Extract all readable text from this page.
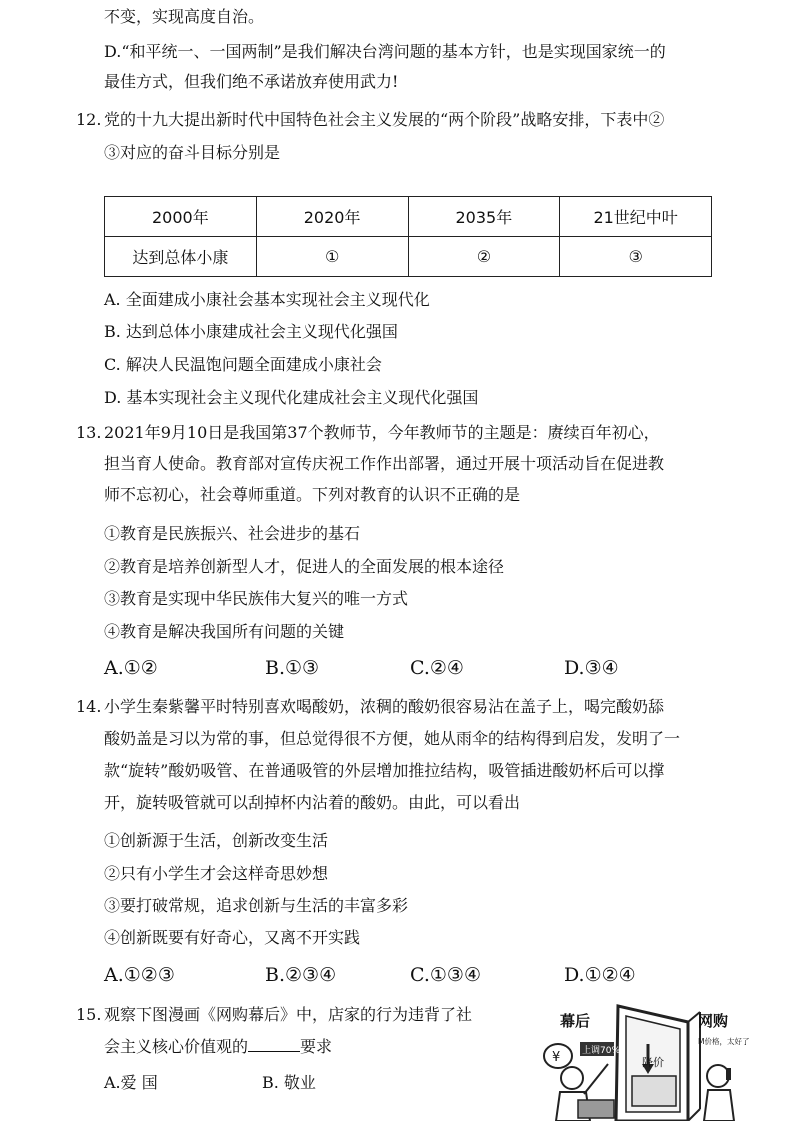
不变，实现高度自治。
D.“和平统一、一国两制”是我们解决台湾问题的基本方针，也是实现国家统一的
最佳方式，但我们绝不承诺放弃使用武力!
12. 党的十九大提出新时代中国特色社会主义发展的“两个阶段”战略安排，下表中②
③对应的奋斗目标分别是
2000年	2020年	2035年	21世纪中叶
达到总体小康	①	②	③
A. 全面建成小康社会基本实现社会主义现代化
B. 达到总体小康建成社会主义现代化强国
C. 解决人民温饱问题全面建成小康社会
D. 基本实现社会主义现代化建成社会主义现代化强国
13. 2021年9月10日是我国第37个教师节，今年教师节的主题是：赓续百年初心，
担当育人使命。教育部对宣传庆祝工作作出部署，通过开展十项活动旨在促进教
师不忘初心，社会尊师重道。下列对教育的认识不正确的是
①教育是民族振兴、社会进步的基石
②教育是培养创新型人才，促进人的全面发展的根本途径
③教育是实现中华民族伟大复兴的唯一方式
④教育是解决我国所有问题的关键
A.①②	B.①③	C.②④	D.③④
14. 小学生秦紫馨平时特别喜欢喝酸奶，浓稠的酸奶很容易沾在盖子上，喝完酸奶舔
酸奶盖是习以为常的事，但总觉得很不方便，她从雨伞的结构得到启发，发明了一
款“旋转”酸奶吸管、在普通吸管的外层增加推拉结构，吸管插进酸奶杯后可以撑
开，旋转吸管就可以刮掉杯内沾着的酸奶。由此，可以看出
①创新源于生活，创新改变生活
②只有小学生才会这样奇思妙想
③要打破常规，追求创新与生活的丰富多彩
④创新既要有好奇心，又离不开实践
A.①②③	B.②③④	C.①③④	D.①②④
15. 观察下图漫画《网购幕后》中，店家的行为违背了社
会主义核心价值观的	要求
A.爱 国	B. 敬业
降价
幕后	网购
¥ 上调70%
M价格，太好了
